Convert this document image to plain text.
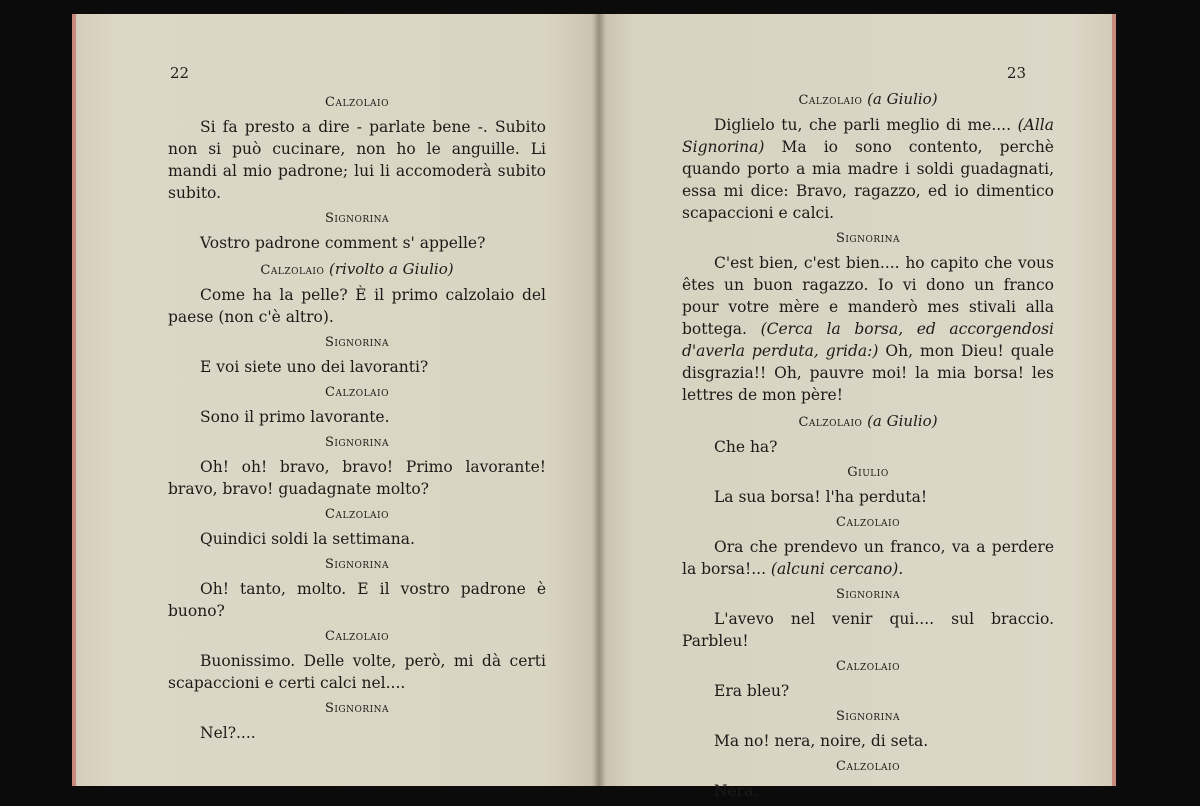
22
Calzolaio
Si fa presto a dire - parlate bene -. Subito non si può cucinare, non ho le anguille. Li mandi al mio padrone; lui li accomoderà subito subito.
Signorina
Vostro padrone comment s' appelle?
Calzolaio (rivolto a Giulio)
Come ha la pelle? È il primo calzolaio del paese (non c'è altro).
Signorina
E voi siete uno dei lavoranti?
Calzolaio
Sono il primo lavorante.
Signorina
Oh! oh! bravo, bravo! Primo lavorante! bravo, bravo! guadagnate molto?
Calzolaio
Quindici soldi la settimana.
Signorina
Oh! tanto, molto. E il vostro padrone è buono?
Calzolaio
Buonissimo. Delle volte, però, mi dà certi scapaccioni e certi calci nel....
Signorina
Nel?....
23
Calzolaio (a Giulio)
Diglielo tu, che parli meglio di me.... (Alla Signorina) Ma io sono contento, perchè quando porto a mia madre i soldi guadagnati, essa mi dice: Bravo, ragazzo, ed io dimentico scapaccioni e calci.
Signorina
C'est bien, c'est bien.... ho capito che vous êtes un buon ragazzo. Io vi dono un franco pour votre mère e manderò mes stivali alla bottega. (Cerca la borsa, ed accorgendosi d'averla perduta, grida:) Oh, mon Dieu! quale disgrazia!! Oh, pauvre moi! la mia borsa! les lettres de mon père!
Calzolaio (a Giulio)
Che ha?
Giulio
La sua borsa! l'ha perduta!
Calzolaio
Ora che prendevo un franco, va a perdere la borsa!... (alcuni cercano).
Signorina
L'avevo nel venir qui.... sul braccio. Parbleu!
Calzolaio
Era bleu?
Signorina
Ma no! nera, noire, di seta.
Calzolaio
Nera.
